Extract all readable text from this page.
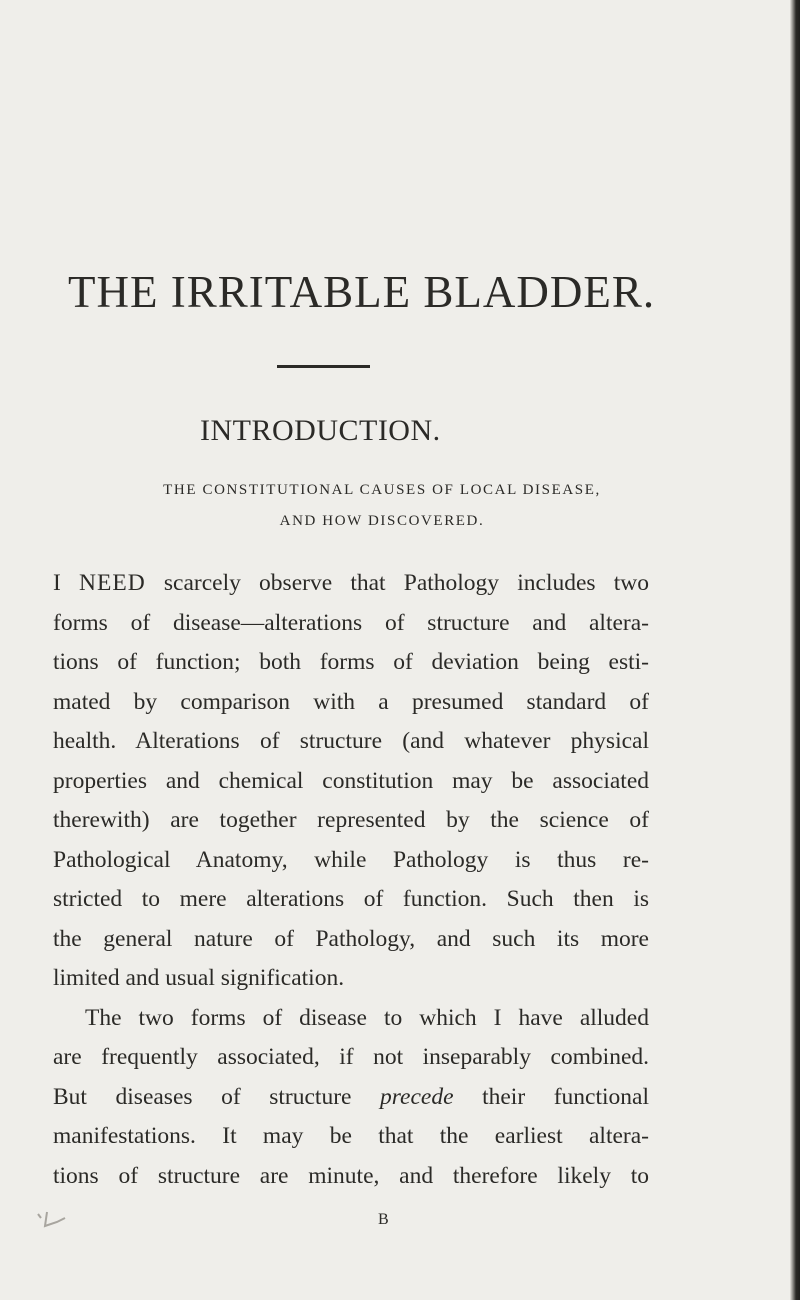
THE IRRITABLE BLADDER.
INTRODUCTION.
THE CONSTITUTIONAL CAUSES OF LOCAL DISEASE,
AND HOW DISCOVERED.
I NEED scarcely observe that Pathology includes two
forms of disease—alterations of structure and altera-
tions of function; both forms of deviation being esti-
mated by comparison with a presumed standard of
health. Alterations of structure (and whatever physical
properties and chemical constitution may be associated
therewith) are together represented by the science of
Pathological Anatomy, while Pathology is thus re-
stricted to mere alterations of function. Such then is
the general nature of Pathology, and such its more
limited and usual signification.
The two forms of disease to which I have alluded
are frequently associated, if not inseparably combined.
But diseases of structure precede their functional
manifestations. It may be that the earliest altera-
tions of structure are minute, and therefore likely to
B
